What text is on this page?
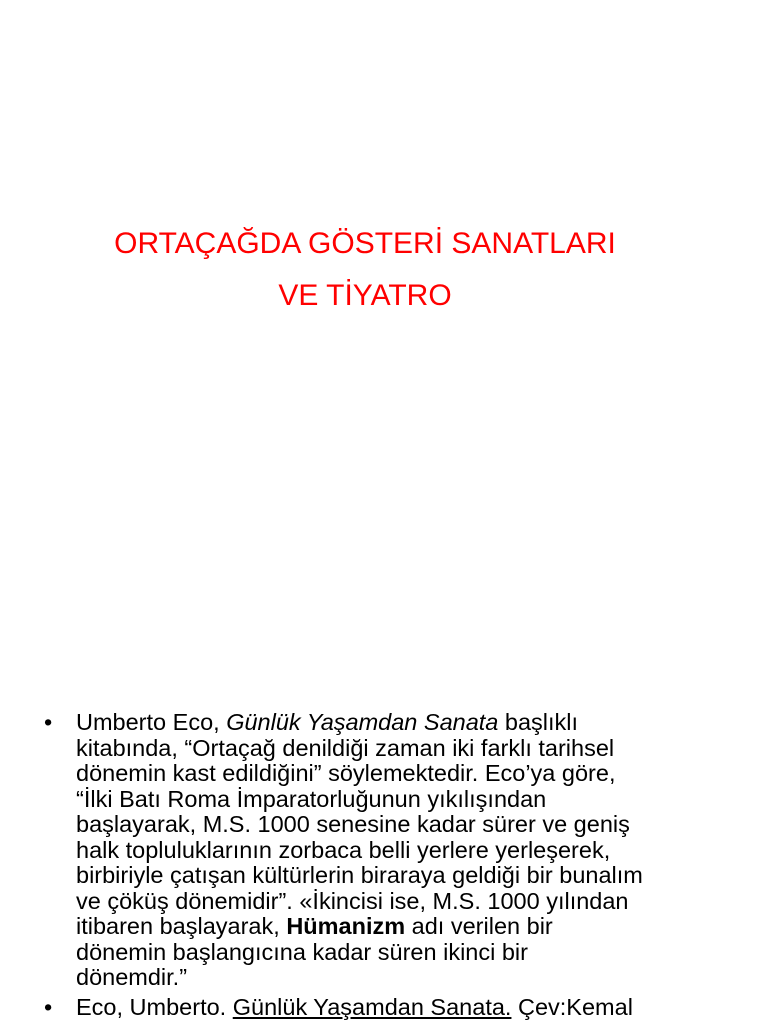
ORTAÇAĞDA GÖSTERİ SANATLARI
VE TİYATRO
• Umberto Eco, Günlük Yaşamdan Sanata başlıklı
kitabında, “Ortaçağ denildiği zaman iki farklı tarihsel
dönemin kast edildiğini” söylemektedir. Eco’ya göre,
“İlki Batı Roma İmparatorluğunun yıkılışından
başlayarak, M.S. 1000 senesine kadar sürer ve geniş
halk topluluklarının zorbaca belli yerlere yerleşerek,
birbiriyle çatışan kültürlerin biraraya geldiği bir bunalım
ve çöküş dönemidir”. «İkincisi ise, M.S. 1000 yılından
itibaren başlayarak, Hümanizm adı verilen bir
dönemin başlangıcına kadar süren ikinci bir
dönemdir.”
• Eco, Umberto. Günlük Yaşamdan Sanata. Çev:Kemal
